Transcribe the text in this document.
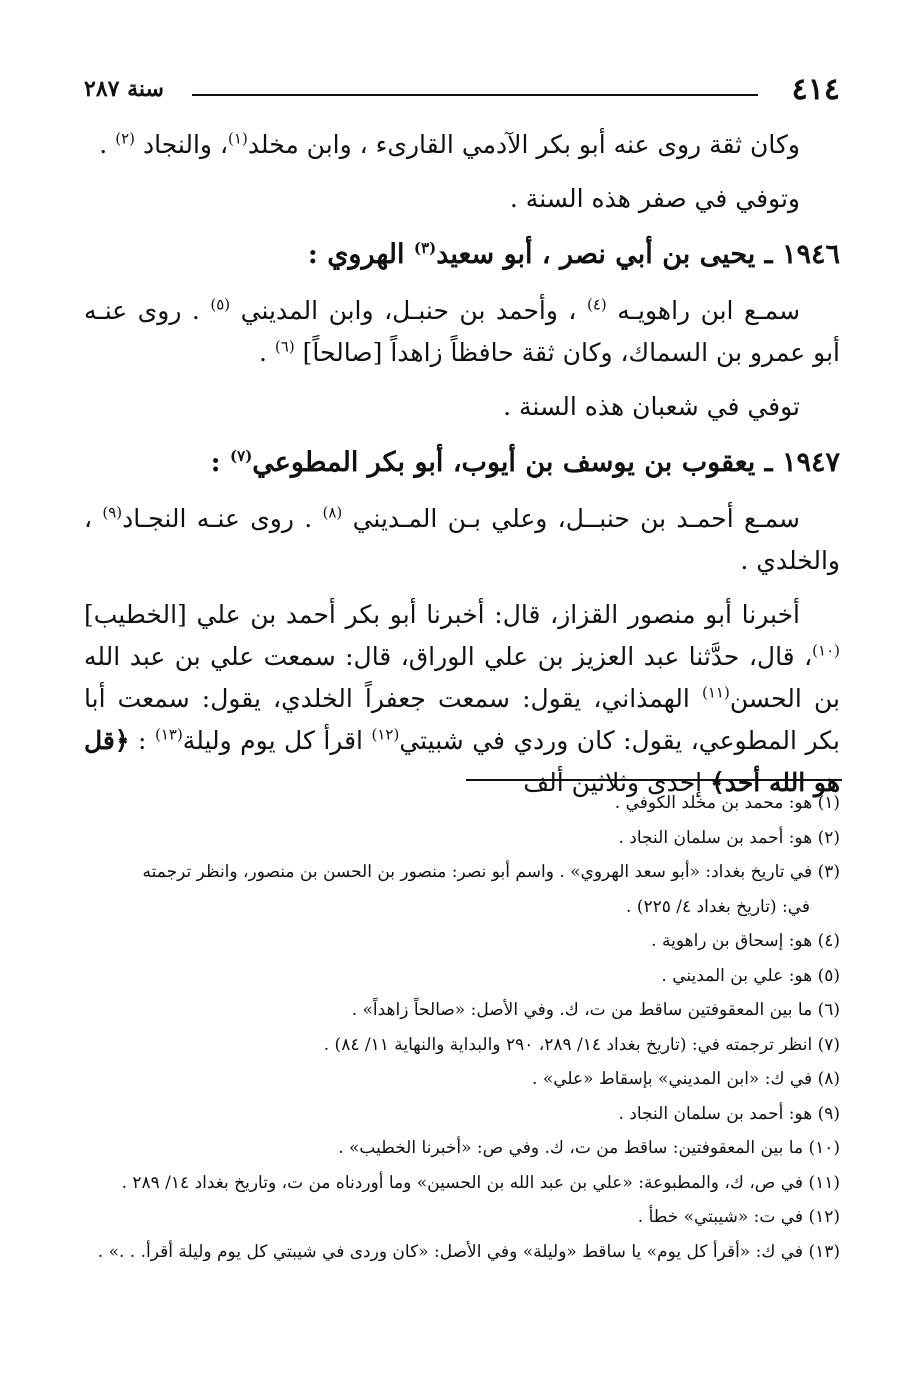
٤١٤
سنة ٢٨٧

وكان ثقة روى عنه أبو بكر الآدمي القارىء ، وابن مخلد$^{(١)}$، والنجاد $^{(٢)}$ .

وتوفي في صفر هذه السنة .

١٩٤٦ ـ يحيى بن أبي نصر ، أبو سعيد$^{(٣)}$ الهروي :

سمـع ابن راهويـه $^{(٤)}$ ، وأحمد بن حنبـل، وابن المديني $^{(٥)}$ . روى عنـه أبو عمرو بن السماك، وكان ثقة حافظاً زاهداً [صالحاً] $^{(٦)}$ .

توفي في شعبان هذه السنة .

١٩٤٧ ـ يعقوب بن يوسف بن أيوب، أبو بكر المطوعي$^{(٧)}$ :

سمـع أحمـد بن حنبــل، وعلي بـن المـديني $^{(٨)}$ . روى عنـه النجـاد$^{(٩)}$ ، والخلدي .

أخبرنا أبو منصور القزاز، قال: أخبرنا أبو بكر أحمد بن علي [الخطيب]$^{(١٠)}$، قال، حدَّثنا عبد العزيز بن علي الوراق، قال: سمعت علي بن عبد الله بن الحسن$^{(١١)}$ الهمذاني، يقول: سمعت جعفراً الخلدي، يقول: سمعت أبا بكر المطوعي، يقول: كان وردي في شبيتي$^{(١٢)}$ اقرأ كل يوم وليلة$^{(١٣)}$ : ﴿قل هو الله أحد﴾ إحدى وثلاثين ألف

(١) هو: محمد بن مخلد الكوفي .

(٢) هو: أحمد بن سلمان النجاد .

(٣) في تاريخ بغداد: «أبو سعد الهروي» . واسم أبو نصر: منصور بن الحسن بن منصور، وانظر ترجمته

في: (تاريخ بغداد ٤/ ٢٢٥) .

(٤) هو: إسحاق بن راهوية .

(٥) هو: علي بن المديني .

(٦) ما بين المعقوفتين ساقط من ت، ك. وفي الأصل: «صالحاً زاهداً» .

(٧) انظر ترجمته في: (تاريخ بغداد ١٤/ ٢٨٩، ٢٩٠ والبداية والنهاية ١١/ ٨٤) .

(٨) في ك: «ابن المديني» بإسقاط «علي» .

(٩) هو: أحمد بن سلمان النجاد .

(١٠) ما بين المعقوفتين: ساقط من ت، ك. وفي ص: «أخبرنا الخطيب» .

(١١) في ص، ك، والمطبوعة: «علي بن عبد الله بن الحسين» وما أوردناه من ت، وتاريخ بغداد ١٤/ ٢٨٩ .

(١٢) في ت: «شيبتي» خطأ .

(١٣) في ك: «أقرأ كل يوم» يا ساقط «وليلة» وفي الأصل: «كان وردى في شيبتي كل يوم وليلة أقرأ. . .» .
